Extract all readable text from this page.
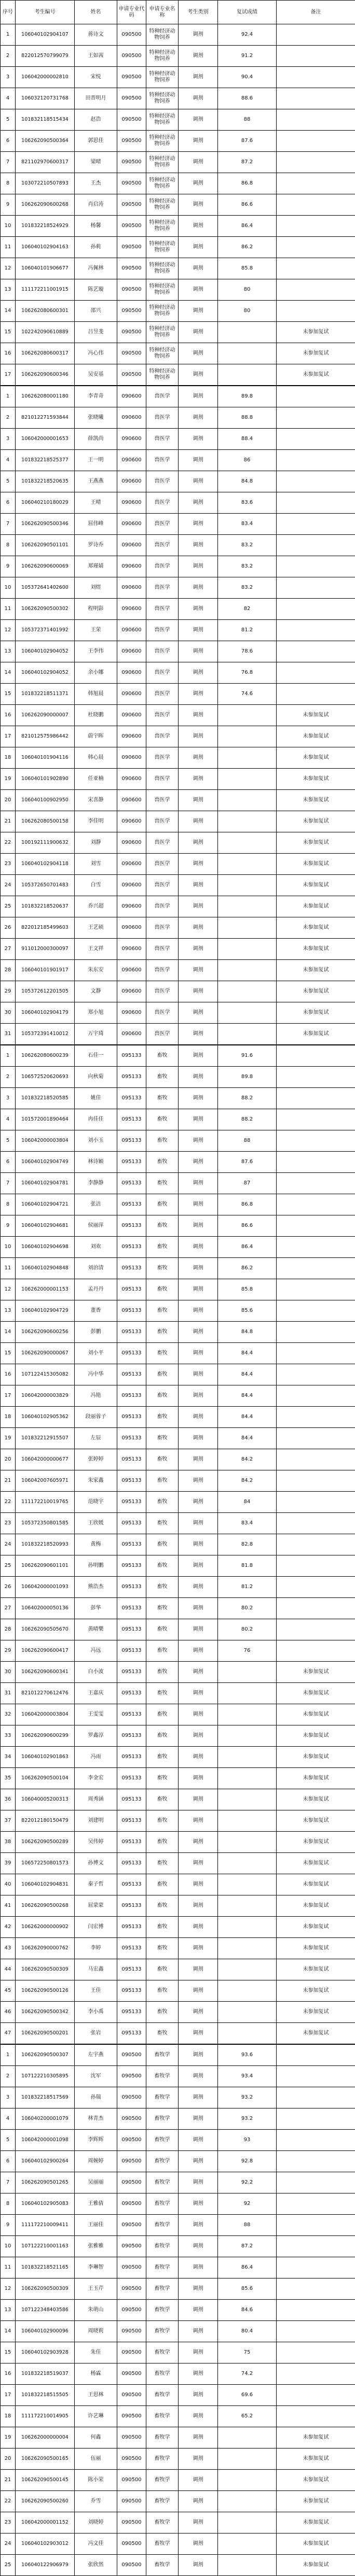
序号	考生编号	姓名	申请专业代码	申请专业名称	考生类别	复试成绩	备注
1	106040102904107	蒋诗文	090500	特种经济动物饲养	调剂	92.4	
2	822012570799079	王如茜	090500	特种经济动物饲养	调剂	91.2	
3	106042000002810	宋悦	090500	特种经济动物饲养	调剂	90.4	
4	106032120731768	田晋明月	090500	特种经济动物饲养	调剂	88.6	
5	101832118515434	赵浩	090500	特种经济动物饲养	调剂	88	
6	106262090500364	郭思佳	090500	特种经济动物饲养	调剂	87.6	
7	821102970600317	梁晴	090500	特种经济动物饲养	调剂	87.2	
8	103072210507893	王杰	090500	特种经济动物饲养	调剂	86.8	
9	106262090600268	肖启涛	090500	特种经济动物饲养	调剂	86.6	
10	101832218524929	杨馨	090500	特种经济动物饲养	调剂	86.4	
11	106040102904163	孙莉	090500	特种经济动物饲养	调剂	86.2	
12	106040101906677	冯佩林	090500	特种经济动物饲养	调剂	85.8	
13	111172211001915	陈艺璇	090500	特种经济动物饲养	调剂	80	
14	106262080600301	邵兴	090500	特种经济动物饲养	调剂	80	
15	102242090610889	吕昱斐	090500	特种经济动物饲养	调剂		未参加复试
16	106262080600317	冯心伟	090500	特种经济动物饲养	调剂		未参加复试
17	106262090600346	吴安基	090500	特种经济动物饲养	调剂		未参加复试
1	106262080001180	李青奇	090600	兽医学	调剂	89.8	
2	821012271593844	张晓曦	090600	兽医学	调剂	88.8	
3	106042000001653	薛凯尚	090600	兽医学	调剂	88.4	
4	101832218525377	王一明	090600	兽医学	调剂	86	
5	101832218520635	王燕燕	090600	兽医学	调剂	84.8	
6	106040210180029	王晴	090600	兽医学	调剂	83.6	
7	106262090500346	屈伟峰	090600	兽医学	调剂	83.4	
8	106262090501101	罗诗乔	090600	兽医学	调剂	83.2	
9	106262090600069	郑瑾婧	090600	兽医学	调剂	83.2	
10	105372641402600	刘煜	090600	兽医学	调剂	83.2	
11	106262090500302	程明影	090600	兽医学	调剂	82	
12	105372371401992	王荣	090600	兽医学	调剂	81.2	
13	106040102904052	王李伟	090600	兽医学	调剂	78.6	
14	106040102904052	余小娜	090600	兽医学	调剂	76.8	
15	101832218511371	韩旭晨	090600	兽医学	调剂	74.6	
16	106262090000007	杜晓鹏	090600	兽医学	调剂		未参加复试
17	821012575986442	蔚宇晖	090600	兽医学	调剂		未参加复试
18	106040101904116	韩心晨	090600	兽医学	调剂		未参加复试
19	106040101902890	任亚楠	090600	兽医学	调剂		未参加复试
20	106040100902950	宋喜静	090600	兽医学	调剂		未参加复试
21	106262080500158	李佳明	090600	兽医学	调剂		未参加复试
22	100192111900632	刘静	090600	兽医学	调剂		未参加复试
23	106040102904118	刘雪	090600	兽医学	调剂		未参加复试
24	105372650701483	白雪	090600	兽医学	调剂		未参加复试
25	101832218520637	乔兴超	090600	兽医学	调剂		未参加复试
26	822012185499603	王艺硕	090600	兽医学	调剂		未参加复试
27	911012000300097	王文祥	090600	兽医学	调剂		未参加复试
28	106040101901917	朱东安	090600	兽医学	调剂		未参加复试
29	105372612201505	文静	090600	兽医学	调剂		未参加复试
30	106040102904179	郑小旭	090600	兽医学	调剂		未参加复试
31	105372391410012	万宇琦	090600	兽医学	调剂		未参加复试
1	106262080600239	石佳一	095133	畜牧	调剂	91.6	
2	106572520620693	向秋菊	095133	畜牧	调剂	89.8	
3	101832218520585	姚佳	095133	畜牧	调剂	88.2	
4	101572001890464	冉佳佳	095133	畜牧	调剂	88.2	
5	106042000003804	刘小玉	095133	畜牧	调剂	88	
6	106040102904749	林诗颖	095133	畜牧	调剂	87.6	
7	106040102904781	李静静	095133	畜牧	调剂	87	
8	106040102904721	张洁	095133	畜牧	调剂	86.8	
9	106040102904681	侯丽萍	095133	畜牧	调剂	86.6	
10	106040102904698	刘欢	095133	畜牧	调剂	86.4	
11	106040102904848	刘治清	095133	畜牧	调剂	86.2	
12	106262000001153	孟丹丹	095133	畜牧	调剂	85.8	
13	106040102904729	董香	095133	畜牧	调剂	85.6	
14	106262090600256	彭鹏	095133	畜牧	调剂	84.8	
15	106262090000067	刘小平	095133	畜牧	调剂	84.4	
16	107122415305082	冯中华	095133	畜牧	调剂	84.4	
17	106042000003829	冯艳	095133	畜牧	调剂	84.4	
18	106040102905362	段丽蓉子	095133	畜牧	调剂	84.4	
19	101832212915507	左辰	095133	畜牧	调剂	84.4	
20	106042000000677	张婷婷	095133	畜牧	调剂	84.2	
21	106042007605971	朱家鑫	095133	畜牧	调剂	84.2	
22	111172210019765	范晓宇	095133	畜牧	调剂	84	
23	105372350801585	王欣媛	095133	畜牧	调剂	83.4	
24	101832218520993	黄梅	095133	畜牧	调剂	82.8	
25	106262090601101	孙明鹏	095133	畜牧	调剂	81.8	
26	106042000001093	熊浩杰	095133	畜牧	调剂	81.2	
27	106402000050136	彭华	095133	畜牧	调剂	80.2	
28	106262090505670	黄晴樂	095133	畜牧	调剂	80.2	
29	106262090600417	冯远	095133	畜牧	调剂	76	
30	106262090600341	白小波	095133	畜牧	调剂		未参加复试
31	821012270612476	王嘉庆	095133	畜牧	调剂		未参加复试
32	106042000003804	王雯雯	095133	畜牧	调剂		未参加复试
33	106262090600299	罗鑫淳	095133	畜牧	调剂		未参加复试
34	106040102901863	冯雨	095133	畜牧	调剂		未参加复试
35	106262090500104	李金宏	095133	畜牧	调剂		未参加复试
36	106040005200313	周秀涵	095133	畜牧	调剂		未参加复试
37	822012180150479	刘建明	095133	畜牧	调剂		未参加复试
38	106262090500289	吴伟婷	095133	畜牧	调剂		未参加复试
39	106572250801573	孙博文	095133	畜牧	调剂		未参加复试
40	106040102904831	秦子哲	095133	畜牧	调剂		未参加复试
41	106262090500268	屈蒙蒙	095133	畜牧	调剂		未参加复试
42	106262000000902	闫宏博	095133	畜牧	调剂		未参加复试
43	106262090000762	李婷	095133	畜牧	调剂		未参加复试
44	106262090500309	马宏鑫	095133	畜牧	调剂		未参加复试
45	106262090500126	王佳	095133	畜牧	调剂		未参加复试
46	106262090500342	李小禹	095133	畜牧	调剂		未参加复试
47	106262090500201	张岩	095133	畜牧	调剂		未参加复试
1	106262090500307	左宇燕	090500	畜牧学	调剂	93.6	
2	107122210305895	沈军	090500	畜牧学	调剂	93.4	
3	101832218517569	孙瑞	090500	畜牧学	调剂	93.2	
4	106040200001079	林青杰	090500	畜牧学	调剂	93.2	
5	106042000001098	李辉辉	090500	畜牧学	调剂	93	
6	106040102900264	周婉婷	090500	畜牧学	调剂	92.8	
7	106262090501265	吴丽丽	090500	畜牧学	调剂	92.2	
8	106040102905083	王雅倩	090500	畜牧学	调剂	92	
9	111172210009411	王丽佳	090500	畜牧学	调剂	88	
10	107122210001163	张雅雅	090500	畜牧学	调剂	87.2	
11	101832218521165	李琳智	090500	畜牧学	调剂	86.4	
12	106262090500309	王玉芹	090500	畜牧学	调剂	85.6	
13	107122348403586	朱萌山	090500	畜牧学	调剂	84.6	
14	106040102900096	周晓莉	090500	畜牧学	调剂	80.4	
15	106040102903928	朱佳	090500	畜牧学	调剂	75	
16	101832218519037	杨霖	090500	畜牧学	调剂	74.2	
17	101832218515505	王思林	090500	畜牧学	调剂	69.6	
18	111172210014905	许艺琳	090500	畜牧学	调剂	65.2	
19	106262000000004	何鑫	090500	畜牧学	调剂		未参加复试
20	106262090500165	伍丽	090500	畜牧学	调剂		未参加复试
21	106262090500145	陈小荣	090500	畜牧学	调剂		未参加复试
22	106262090500260	乔雪	090500	畜牧学	调剂		未参加复试
23	106042000001152	刘晓婷	090500	畜牧学	调剂		未参加复试
24	106040102903012	冯文佳	090500	畜牧学	调剂		未参加复试
25	106040122906979	张欣然	090500	畜牧学	调剂		未参加复试
